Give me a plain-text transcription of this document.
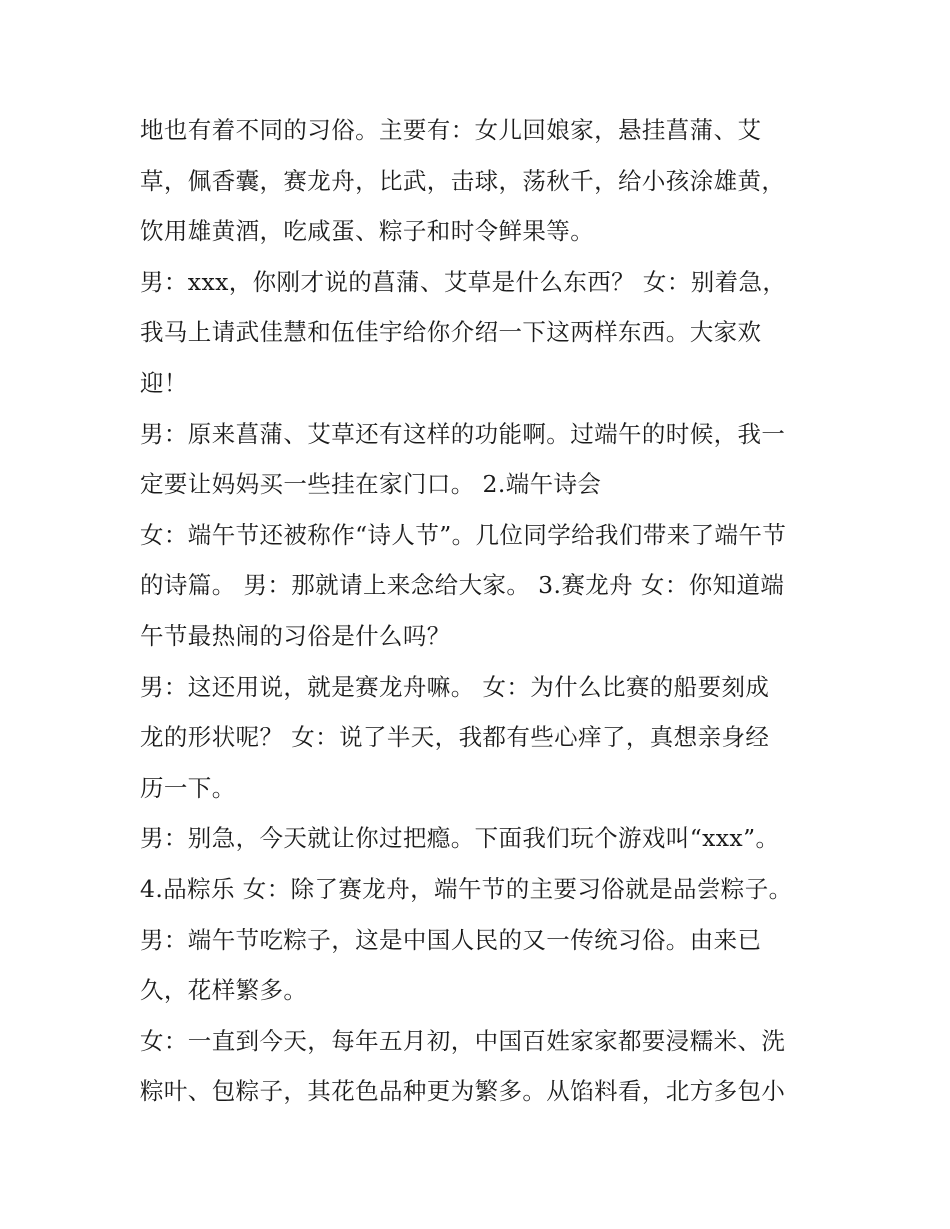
地也有着不同的习俗。主要有：女儿回娘家，悬挂菖蒲、艾
草，佩香囊，赛龙舟，比武，击球，荡秋千，给小孩涂雄黄，
饮用雄黄酒，吃咸蛋、粽子和时令鲜果等。
男：xxx，你刚才说的菖蒲、艾草是什么东西？ 女：别着急，
我马上请武佳慧和伍佳宇给你介绍一下这两样东西。大家欢
迎！
男：原来菖蒲、艾草还有这样的功能啊。过端午的时候，我一
定要让妈妈买一些挂在家门口。 2.端午诗会
女：端午节还被称作“诗人节”。几位同学给我们带来了端午节
的诗篇。 男：那就请上来念给大家。 3.赛龙舟 女：你知道端
午节最热闹的习俗是什么吗？
男：这还用说，就是赛龙舟嘛。 女：为什么比赛的船要刻成
龙的形状呢？ 女：说了半天，我都有些心痒了，真想亲身经
历一下。
男：别急，今天就让你过把瘾。下面我们玩个游戏叫“xxx”。
4.品粽乐 女：除了赛龙舟，端午节的主要习俗就是品尝粽子。
男：端午节吃粽子，这是中国人民的又一传统习俗。由来已
久，花样繁多。
女：一直到今天，每年五月初，中国百姓家家都要浸糯米、洗
粽叶、包粽子，其花色品种更为繁多。从馅料看，北方多包小
